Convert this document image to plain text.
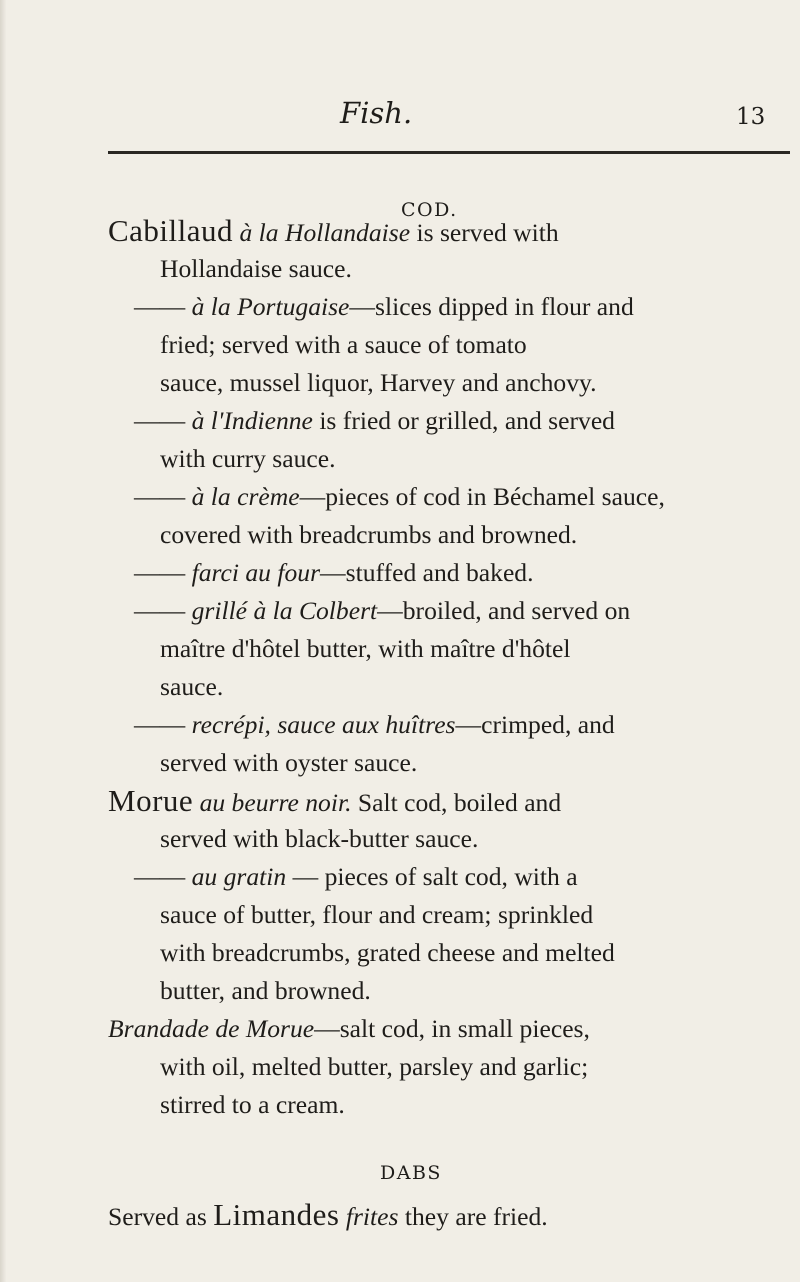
Fish.	13
COD.
Cabillaud à la Hollandaise is served with
Hollandaise sauce.
—— à la Portugaise—slices dipped in flour and
fried; served with a sauce of tomato
sauce, mussel liquor, Harvey and anchovy.
—— à l'Indienne is fried or grilled, and served
with curry sauce.
—— à la crème—pieces of cod in Béchamel sauce,
covered with breadcrumbs and browned.
—— farci au four—stuffed and baked.
—— grillé à la Colbert—broiled, and served on
maître d'hôtel butter, with maître d'hôtel
sauce.
—— recrépi, sauce aux huîtres—crimped, and
served with oyster sauce.
Morue au beurre noir. Salt cod, boiled and
served with black-butter sauce.
—— au gratin — pieces of salt cod, with a
sauce of butter, flour and cream; sprinkled
with breadcrumbs, grated cheese and melted
butter, and browned.
Brandade de Morue—salt cod, in small pieces,
with oil, melted butter, parsley and garlic;
stirred to a cream.
DABS
Served as Limandes frites they are fried.
